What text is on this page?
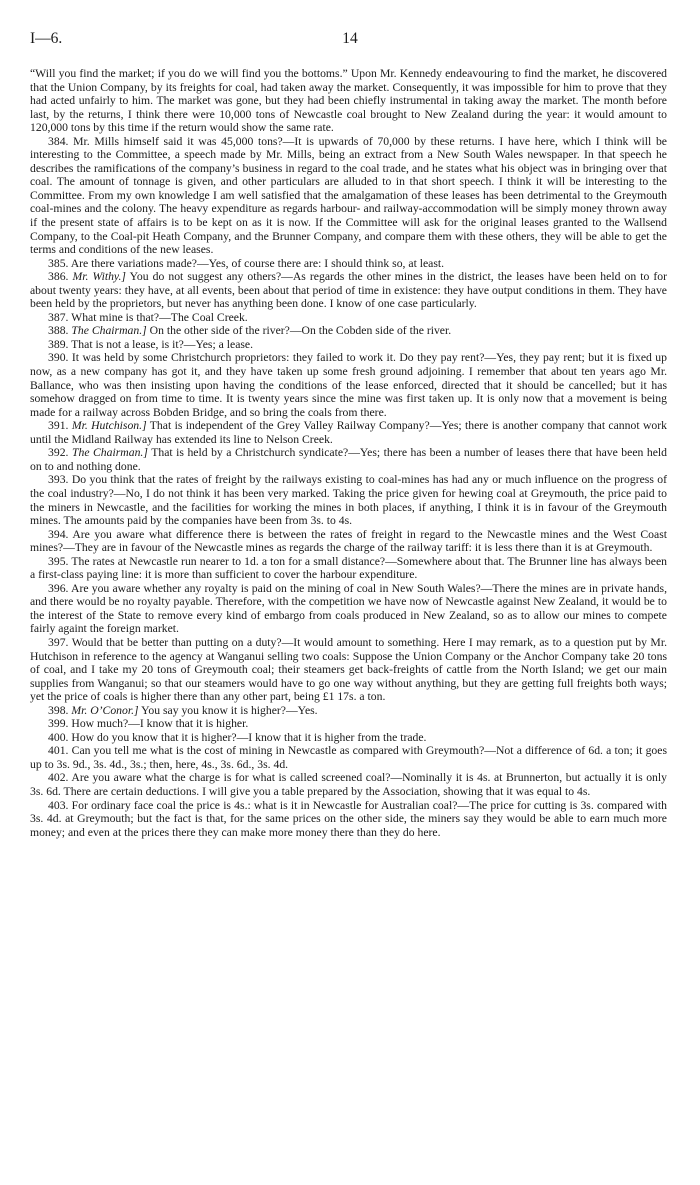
I—6.	14

“Will you find the market; if you do we will find you the bottoms.” Upon Mr. Kennedy endeavouring to find the market, he discovered that the Union Company, by its freights for coal, had taken away the market. Consequently, it was impossible for him to prove that they had acted unfairly to him. The market was gone, but they had been chiefly instrumental in taking away the market. The month before last, by the returns, I think there were 10,000 tons of Newcastle coal brought to New Zealand during the year: it would amount to 120,000 tons by this time if the return would show the same rate.

384. Mr. Mills himself said it was 45,000 tons?—It is upwards of 70,000 by these returns. I have here, which I think will be interesting to the Committee, a speech made by Mr. Mills, being an extract from a New South Wales newspaper. In that speech he describes the ramifications of the company’s business in regard to the coal trade, and he states what his object was in bringing over that coal. The amount of tonnage is given, and other particulars are alluded to in that short speech. I think it will be interesting to the Committee. From my own knowledge I am well satisfied that the amalgamation of these leases has been detrimental to the Greymouth coal-mines and the colony. The heavy expenditure as regards harbour- and railway-accommodation will be simply money thrown away if the present state of affairs is to be kept on as it is now. If the Committee will ask for the original leases granted to the Wallsend Company, to the Coal-pit Heath Company, and the Brunner Company, and compare them with these others, they will be able to get the terms and conditions of the new leases.

385. Are there variations made?—Yes, of course there are: I should think so, at least.

386. Mr. Withy.] You do not suggest any others?—As regards the other mines in the district, the leases have been held on to for about twenty years: they have, at all events, been about that period of time in existence: they have output conditions in them. They have been held by the proprietors, but never has anything been done. I know of one case particularly.

387. What mine is that?—The Coal Creek.

388. The Chairman.] On the other side of the river?—On the Cobden side of the river.

389. That is not a lease, is it?—Yes; a lease.

390. It was held by some Christchurch proprietors: they failed to work it. Do they pay rent?—Yes, they pay rent; but it is fixed up now, as a new company has got it, and they have taken up some fresh ground adjoining. I remember that about ten years ago Mr. Ballance, who was then insisting upon having the conditions of the lease enforced, directed that it should be cancelled; but it has somehow dragged on from time to time. It is twenty years since the mine was first taken up. It is only now that a movement is being made for a railway across Bobden Bridge, and so bring the coals from there.

391. Mr. Hutchison.] That is independent of the Grey Valley Railway Company?—Yes; there is another company that cannot work until the Midland Railway has extended its line to Nelson Creek.

392. The Chairman.] That is held by a Christchurch syndicate?—Yes; there has been a number of leases there that have been held on to and nothing done.

393. Do you think that the rates of freight by the railways existing to coal-mines has had any or much influence on the progress of the coal industry?—No, I do not think it has been very marked. Taking the price given for hewing coal at Greymouth, the price paid to the miners in Newcastle, and the facilities for working the mines in both places, if anything, I think it is in favour of the Greymouth mines. The amounts paid by the companies have been from 3s. to 4s.

394. Are you aware what difference there is between the rates of freight in regard to the Newcastle mines and the West Coast mines?—They are in favour of the Newcastle mines as regards the charge of the railway tariff: it is less there than it is at Greymouth.

395. The rates at Newcastle run nearer to 1d. a ton for a small distance?—Somewhere about that. The Brunner line has always been a first-class paying line: it is more than sufficient to cover the harbour expenditure.

396. Are you aware whether any royalty is paid on the mining of coal in New South Wales?—There the mines are in private hands, and there would be no royalty payable. Therefore, with the competition we have now of Newcastle against New Zealand, it would be to the interest of the State to remove every kind of embargo from coals produced in New Zealand, so as to allow our mines to compete fairly againt the foreign market.

397. Would that be better than putting on a duty?—It would amount to something. Here I may remark, as to a question put by Mr. Hutchison in reference to the agency at Wanganui selling two coals: Suppose the Union Company or the Anchor Company take 20 tons of coal, and I take my 20 tons of Greymouth coal; their steamers get back-freights of cattle from the North Island; we get our main supplies from Wanganui; so that our steamers would have to go one way without anything, but they are getting full freights both ways; yet the price of coals is higher there than any other part, being £1 17s. a ton.

398. Mr. O’Conor.] You say you know it is higher?—Yes.

399. How much?—I know that it is higher.

400. How do you know that it is higher?—I know that it is higher from the trade.

401. Can you tell me what is the cost of mining in Newcastle as compared with Greymouth?—Not a difference of 6d. a ton; it goes up to 3s. 9d., 3s. 4d., 3s.; then, here, 4s., 3s. 6d., 3s. 4d.

402. Are you aware what the charge is for what is called screened coal?—Nominally it is 4s. at Brunnerton, but actually it is only 3s. 6d. There are certain deductions. I will give you a table prepared by the Association, showing that it was equal to 4s.

403. For ordinary face coal the price is 4s.: what is it in Newcastle for Australian coal?—The price for cutting is 3s. compared with 3s. 4d. at Greymouth; but the fact is that, for the same prices on the other side, the miners say they would be able to earn much more money; and even at the prices there they can make more money there than they do here.
